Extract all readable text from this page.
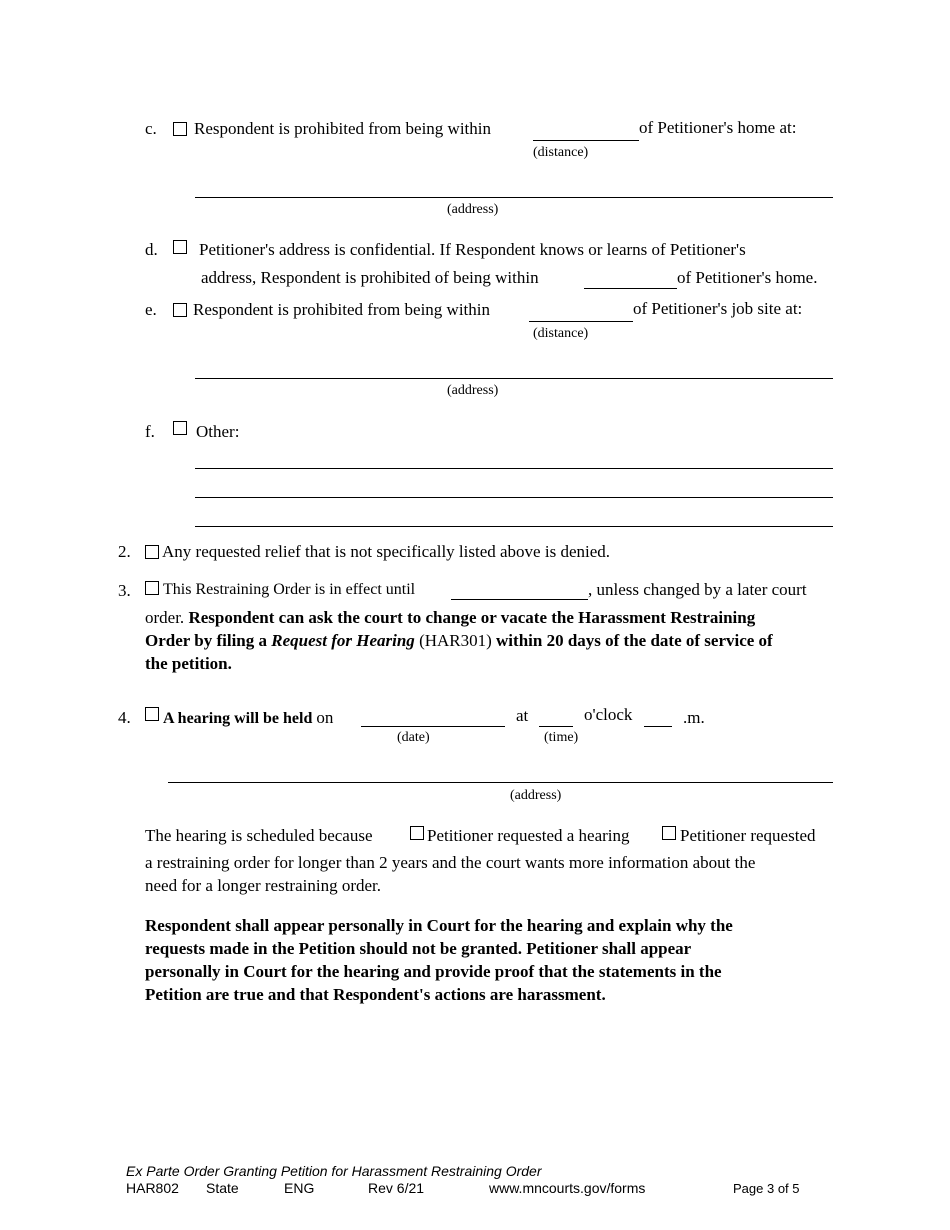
c. Respondent is prohibited from being within	of Petitioner's home at:
(distance)
(address)
d. Petitioner's address is confidential. If Respondent knows or learns of Petitioner's
address, Respondent is prohibited of being within	of Petitioner's home.
e. Respondent is prohibited from being within	of Petitioner's job site at:
(distance)
(address)
f. Other:
2. Any requested relief that is not specifically listed above is denied.
3. This Restraining Order is in effect until	, unless changed by a later court
order. Respondent can ask the court to change or vacate the Harassment Restraining
Order by filing a Request for Hearing (HAR301) within 20 days of the date of service of
the petition.
4. A hearing will be held on	at	o'clock	.m.
(date)	(time)
(address)
The hearing is scheduled because	Petitioner requested a hearing	Petitioner requested
a restraining order for longer than 2 years and the court wants more information about the
need for a longer restraining order.
Respondent shall appear personally in Court for the hearing and explain why the
requests made in the Petition should not be granted. Petitioner shall appear
personally in Court for the hearing and provide proof that the statements in the
Petition are true and that Respondent's actions are harassment.
Ex Parte Order Granting Petition for Harassment Restraining Order
HAR802 State	ENG	Rev 6/21	www.mncourts.gov/forms	Page 3 of 5
